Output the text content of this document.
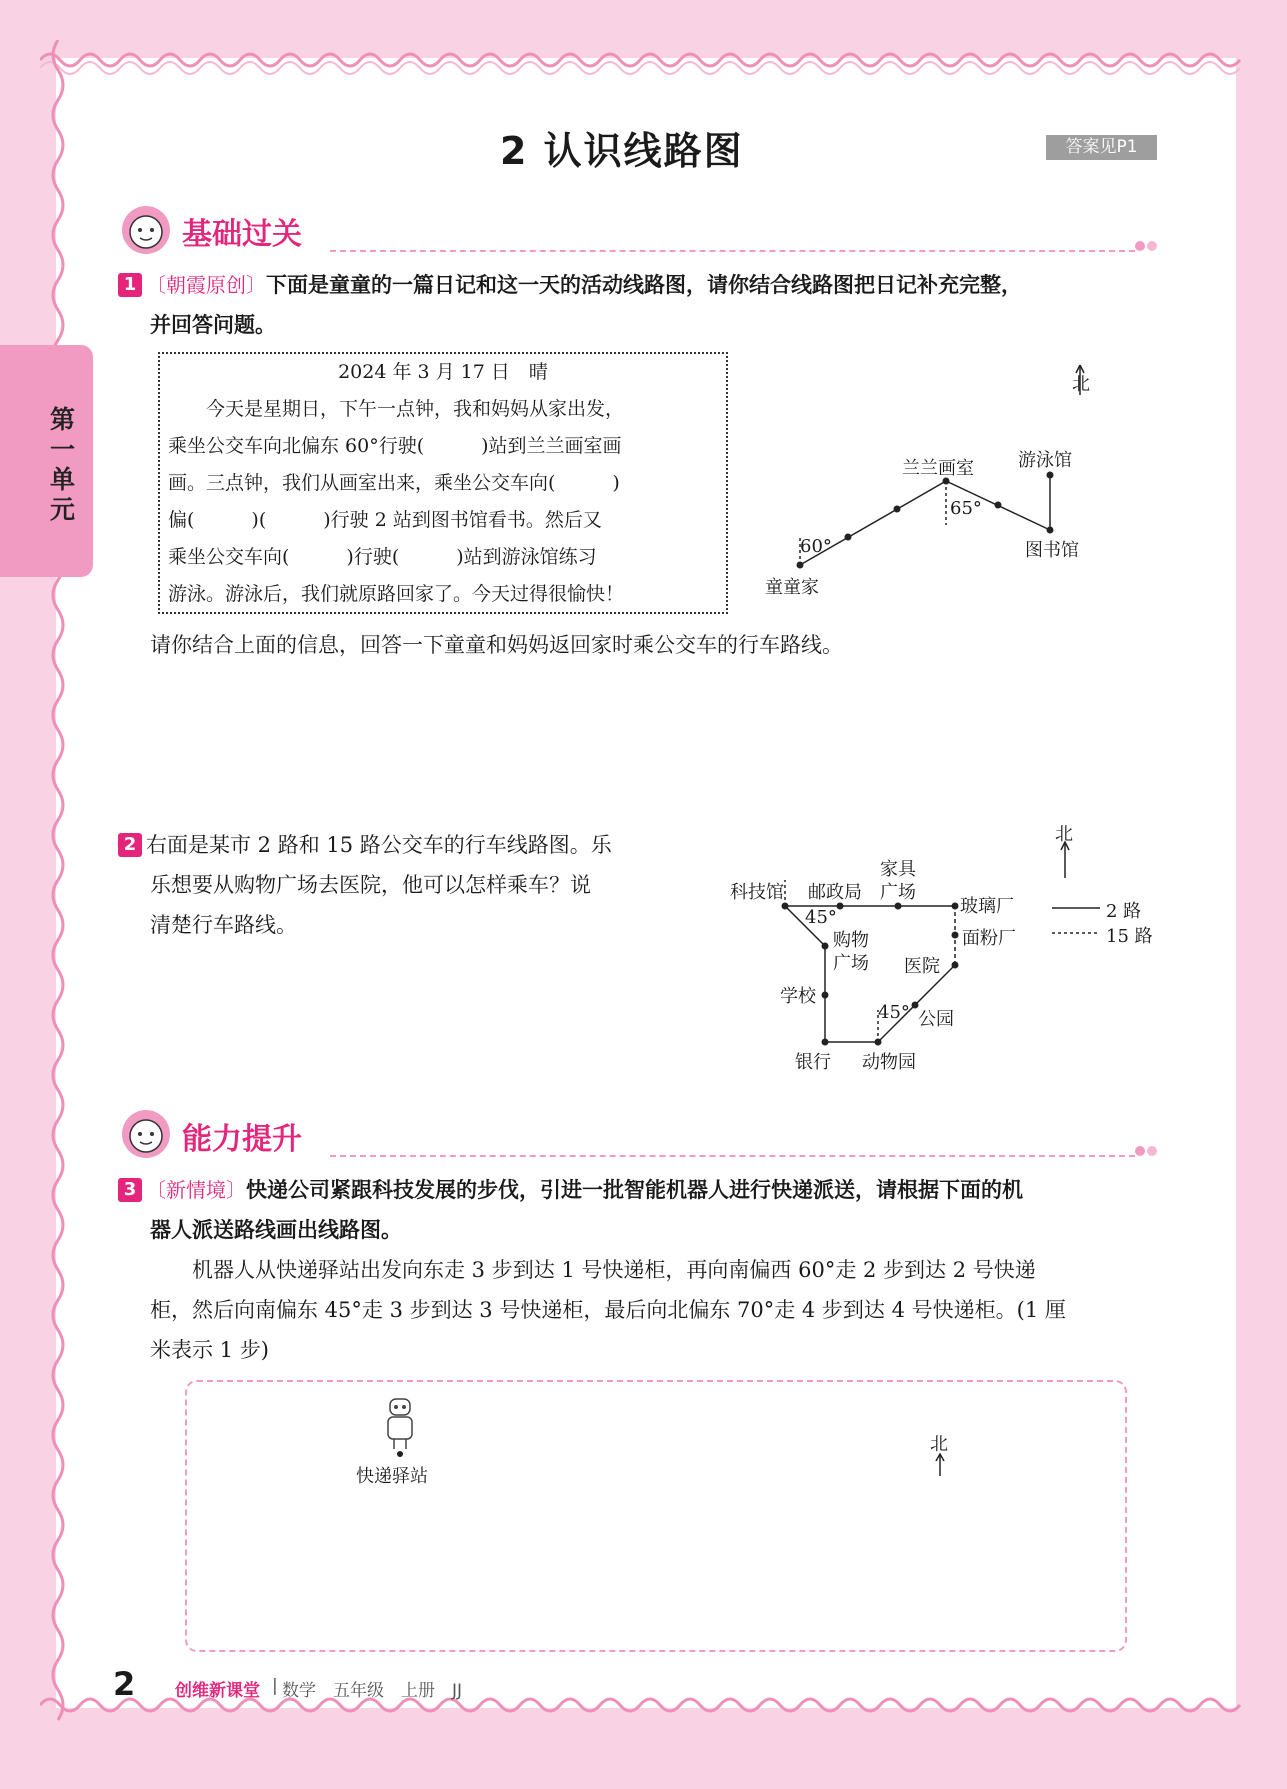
第一单元
2 认识线路图	答案见P1
基础过关
1 〔朝霞原创〕下面是童童的一篇日记和这一天的活动线路图，请你结合线路图把日记补充完整，
并回答问题。

2024 年 3 月 17 日　晴

　　今天是星期日，下午一点钟，我和妈妈从家出发，

乘坐公交车向北偏东 60°行驶(　　　)站到兰兰画室画

画。三点钟，我们从画室出来，乘坐公交车向(　　　)

偏(　　　)(　　　)行驶 2 站到图书馆看书。然后又

乘坐公交车向(　　　)行驶(　　　)站到游泳馆练习

游泳。游泳后，我们就原路回家了。今天过得很愉快！

北
童童家
兰兰画室 游泳馆
图书馆
60°
65°
请你结合上面的信息，回答一下童童和妈妈返回家时乘公交车的行车路线。
2 右面是某市 2 路和 15 路公交车的行车线路图。乐
乐想要从购物广场去医院，他可以怎样乘车？说
清楚行车路线。
北
科技馆 邮政局
家具
广场
玻璃厂
面粉厂
购物
广场 医院
学校
公园
银行 动物园
45°
45°
2 路
15 路
能力提升
3 〔新情境〕快递公司紧跟科技发展的步伐，引进一批智能机器人进行快递派送，请根据下面的机
器人派送路线画出线路图。
　　机器人从快递驿站出发向东走 3 步到达 1 号快递柜，再向南偏西 60°走 2 步到达 2 号快递
柜，然后向南偏东 45°走 3 步到达 3 号快递柜，最后向北偏东 70°走 4 步到达 4 号快递柜。(1 厘
米表示 1 步)
快递驿站
北
2 创维新课堂 | 数学　五年级　上册　JJ
